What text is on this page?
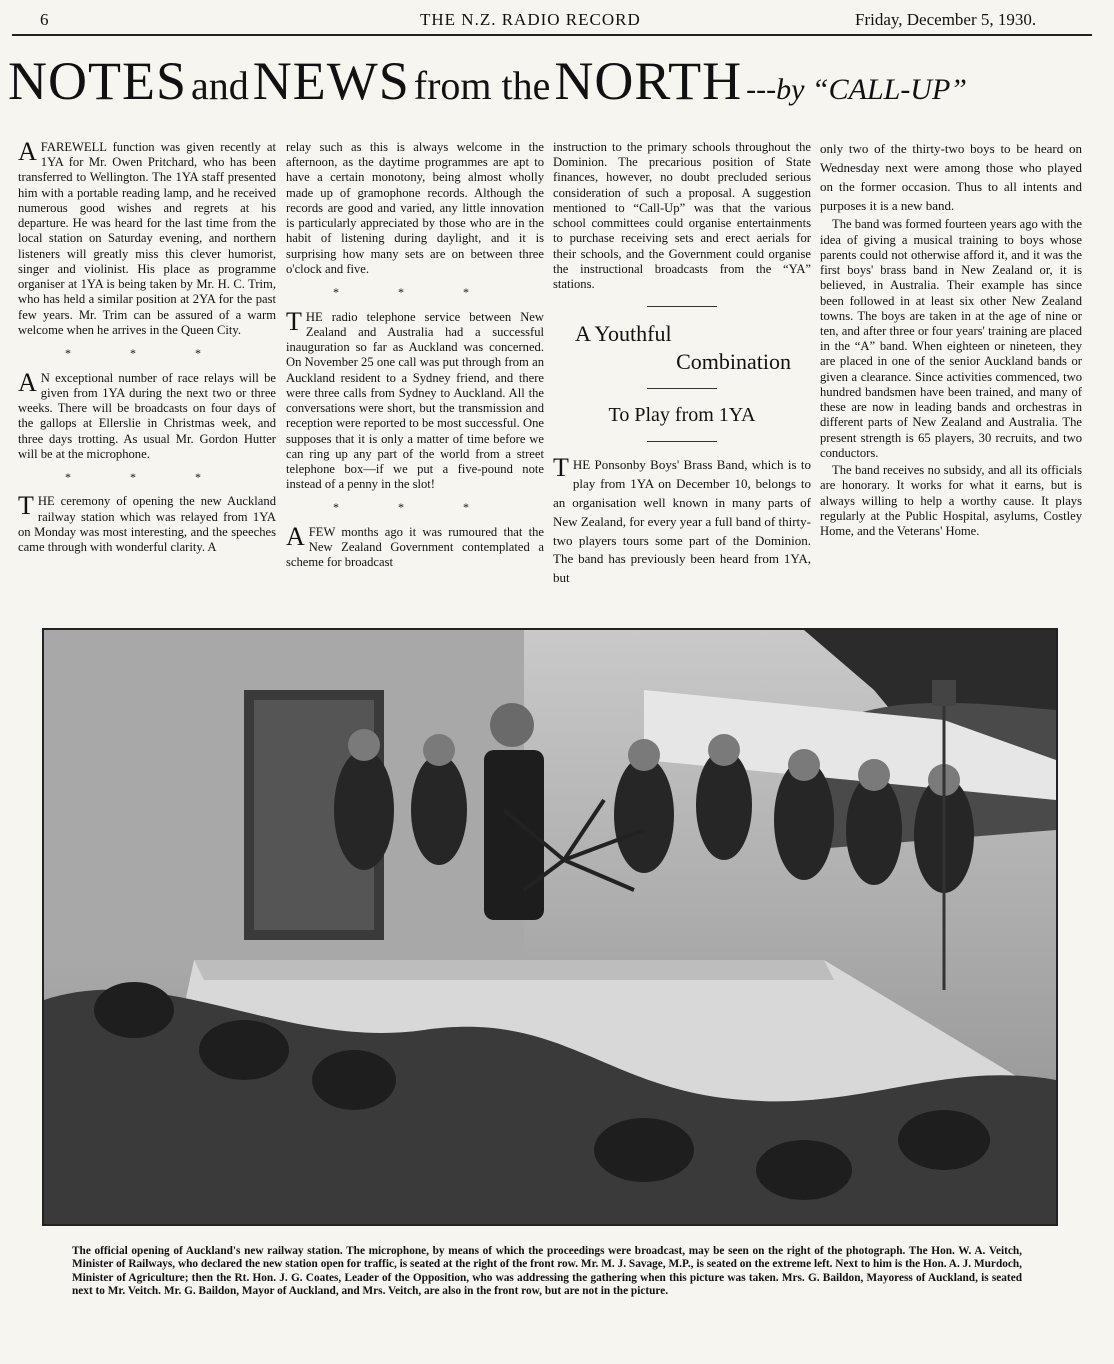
6	THE N.Z. RADIO RECORD	Friday, December 5, 1930.
NOTES and NEWS from the NORTH ---by “CALL-UP”

AFAREWELL function was given recently at 1YA for Mr. Owen Pritchard, who has been transferred to Wellington. The 1YA staff presented him with a portable reading lamp, and he received numerous good wishes and regrets at his departure. He was heard for the last time from the local station on Saturday evening, and northern listeners will greatly miss this clever humorist, singer and violinist. His place as programme organiser at 1YA is being taken by Mr. H. C. Trim, who has held a similar position at 2YA for the past few years. Mr. Trim can be assured of a warm welcome when he arrives in the Queen City.

* * *

A N exceptional number of race relays will be given from 1YA during the next two or three weeks. There will be broadcasts on four days of the gallops at Ellerslie in Christmas week, and three days trotting. As usual Mr. Gordon Hutter will be at the microphone.

* * *

THE ceremony of opening the new Auckland railway station which was relayed from 1YA on Monday was most interesting, and the speeches came through with wonderful clarity. A

relay such as this is always welcome in the afternoon, as the daytime programmes are apt to have a certain monotony, being almost wholly made up of gramophone records. Although the records are good and varied, any little innovation is particularly appreciated by those who are in the habit of listening during daylight, and it is surprising how many sets are on between three o'clock and five.

* * *

THE radio telephone service between New Zealand and Australia had a successful inauguration so far as Auckland was concerned. On November 25 one call was put through from an Auckland resident to a Sydney friend, and there were three calls from Sydney to Auckland. All the conversations were short, but the transmission and reception were reported to be most successful. One supposes that it is only a matter of time before we can ring up any part of the world from a street telephone box—if we put a five-pound note instead of a penny in the slot!

* * *

AFEW months ago it was rumoured that the New Zealand Government contemplated a scheme for broadcast

instruction to the primary schools throughout the Dominion. The precarious position of State finances, however, no doubt precluded serious consideration of such a proposal. A suggestion mentioned to “Call-Up” was that the various school committees could organise entertainments to purchase receiving sets and erect aerials for their schools, and the Government could organise the instructional broadcasts from the “YA” stations.

A Youthful

Combination

To Play from 1YA

THE Ponsonby Boys' Brass Band, which is to play from 1YA on December 10, belongs to an organisation well known in many parts of New Zealand, for every year a full band of thirty-two players tours some part of the Dominion. The band has previously been heard from 1YA, but

only two of the thirty-two boys to be heard on Wednesday next were among those who played on the former occasion. Thus to all intents and purposes it is a new band.

The band was formed fourteen years ago with the idea of giving a musical training to boys whose parents could not otherwise afford it, and it was the first boys' brass band in New Zealand or, it is believed, in Australia. Their example has since been followed in at least six other New Zealand towns. The boys are taken in at the age of nine or ten, and after three or four years' training are placed in the “A” band. When eighteen or nineteen, they are placed in one of the senior Auckland bands or given a clearance. Since activities commenced, two hundred bandsmen have been trained, and many of these are now in leading bands and orchestras in different parts of New Zealand and Australia. The present strength is 65 players, 30 recruits, and two conductors.

The band receives no subsidy, and all its officials are honorary. It works for what it earns, but is always willing to help a worthy cause. It plays regularly at the Public Hospital, asylums, Costley Home, and the Veterans' Home.

The official opening of Auckland's new railway station. The microphone, by means of which the proceedings were broadcast, may be seen on the right of the photograph. The Hon. W. A. Veitch, Minister of Railways, who declared the new station open for traffic, is seated at the right of the front row. Mr. M. J. Savage, M.P., is seated on the extreme left. Next to him is the Hon. A. J. Murdoch, Minister of Agriculture; then the Rt. Hon. J. G. Coates, Leader of the Opposition, who was addressing the gathering when this picture was taken. Mrs. G. Baildon, Mayoress of Auckland, is seated next to Mr. Veitch. Mr. G. Baildon, Mayor of Auckland, and Mrs. Veitch, are also in the front row, but are not in the picture.
